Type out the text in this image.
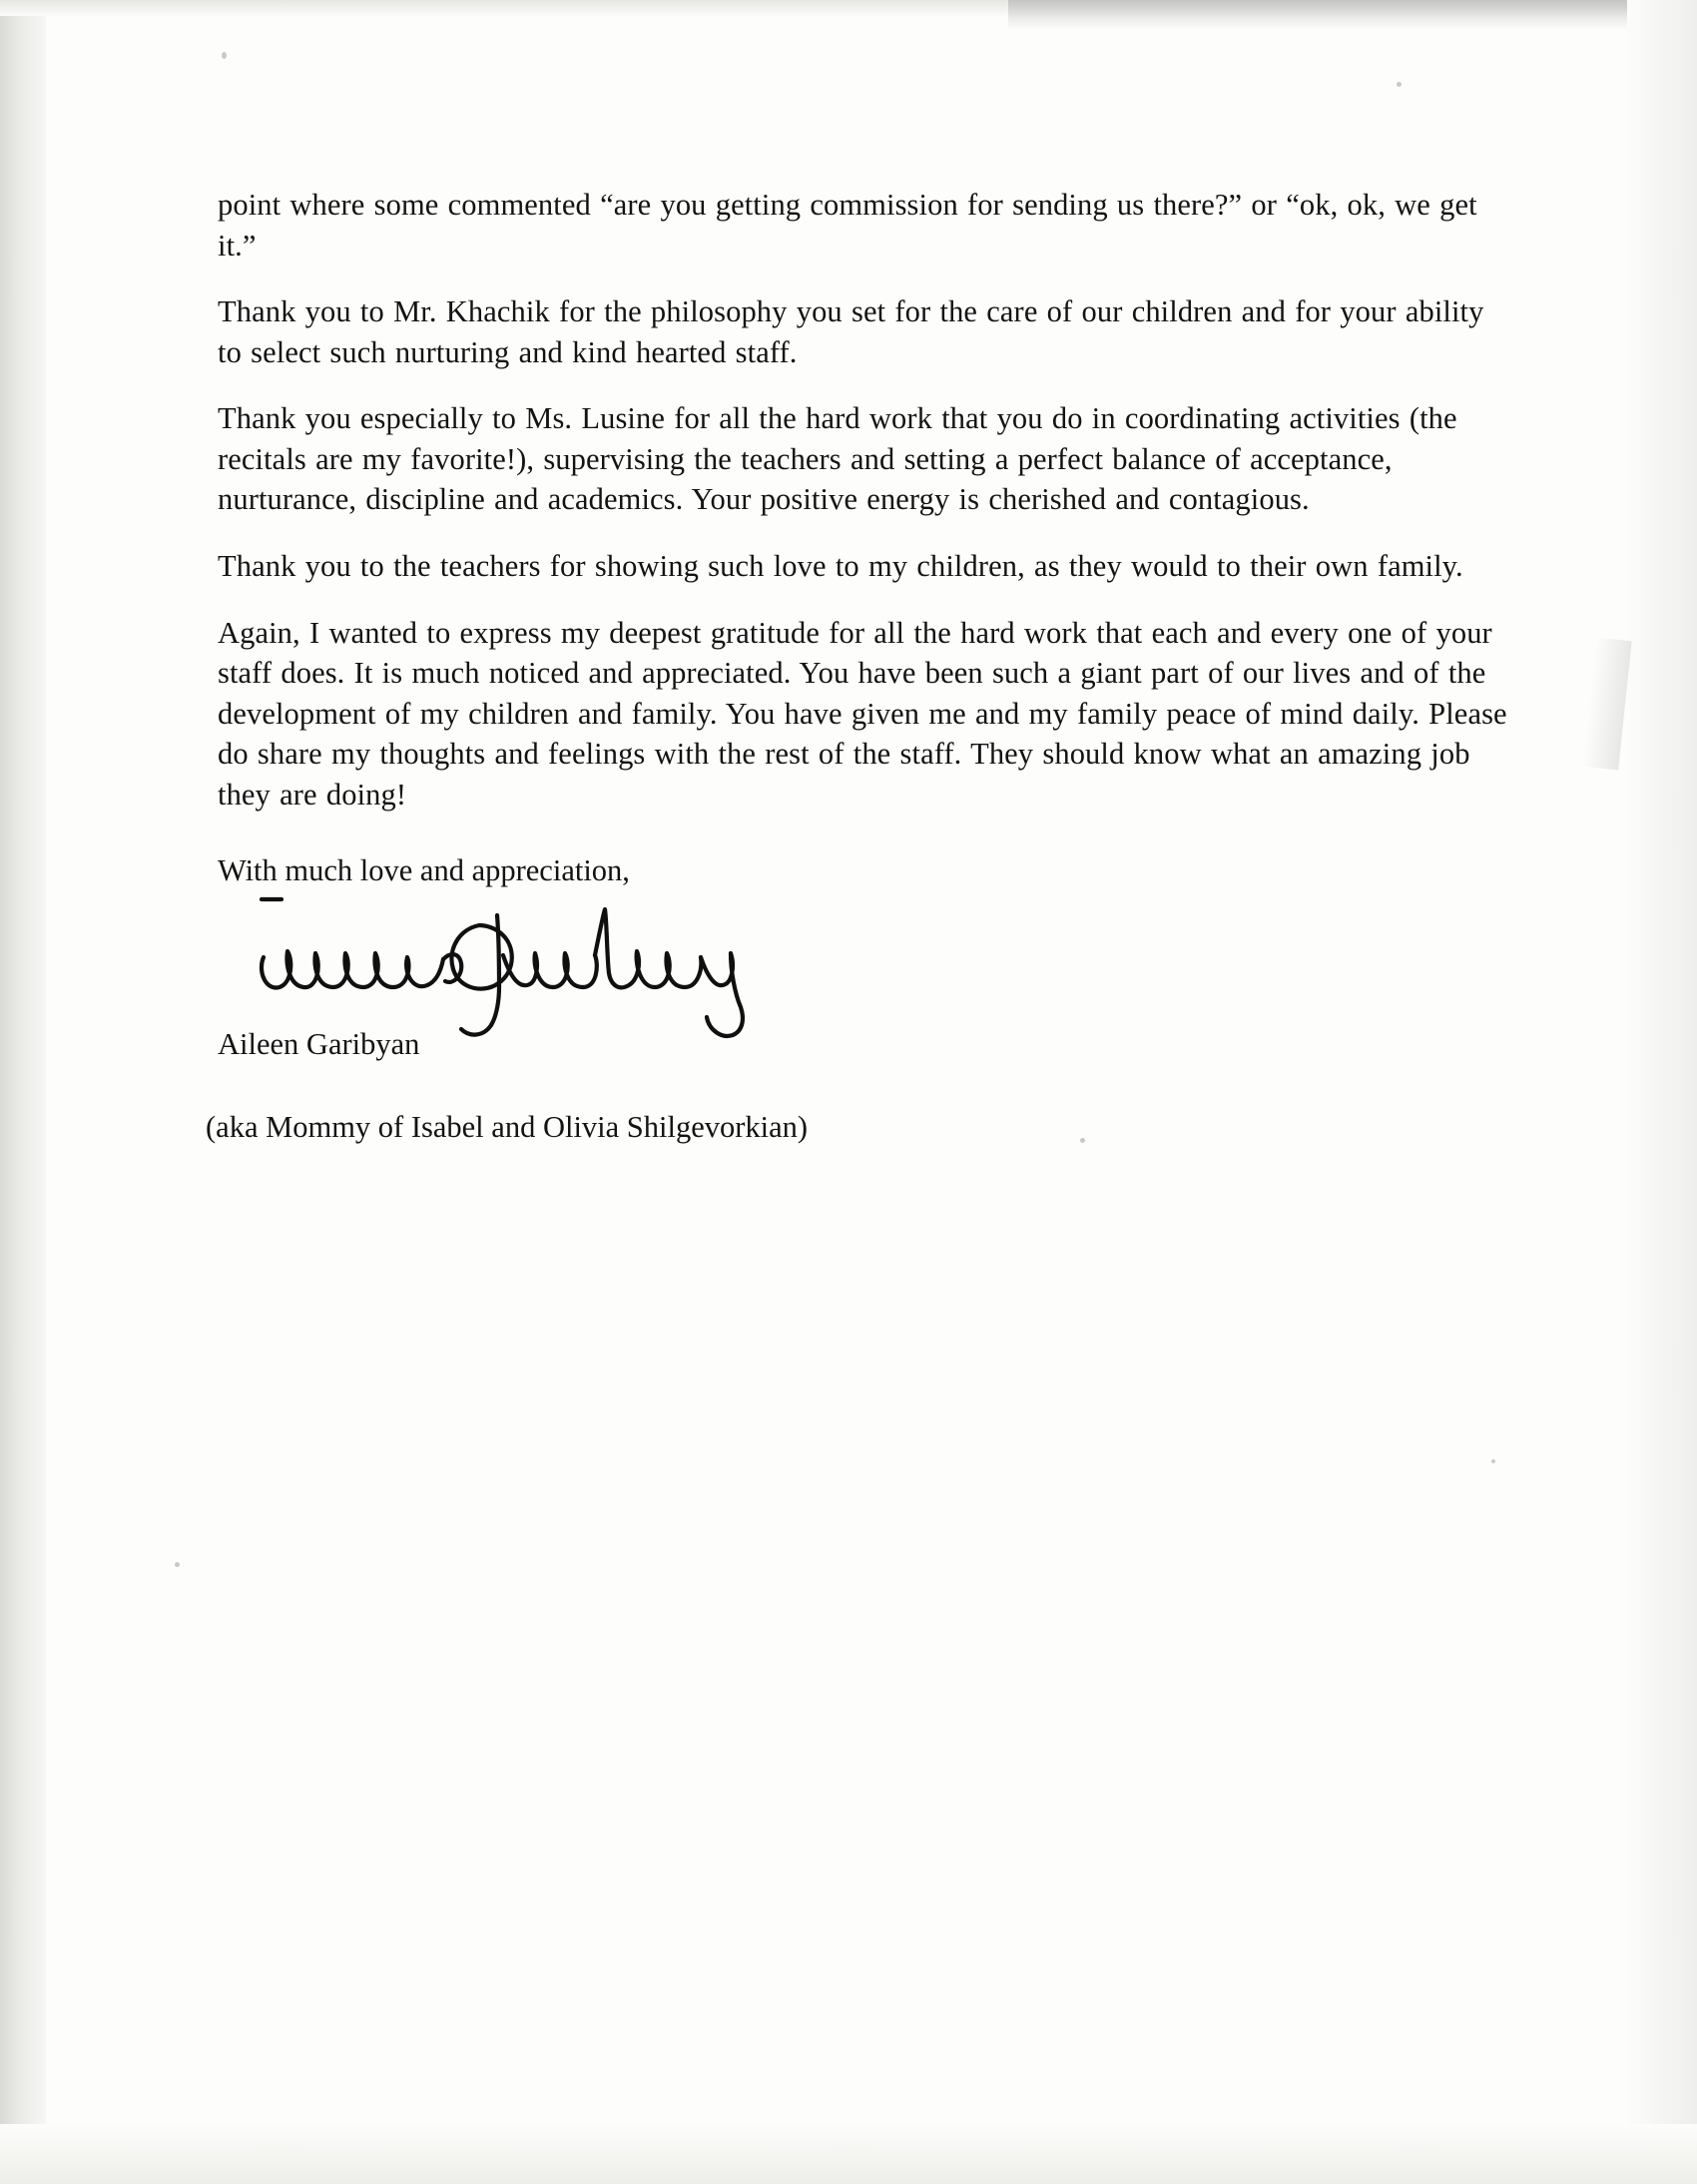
point where some commented “are you getting commission for sending us there?” or “ok, ok, we get it.”

Thank you to Mr. Khachik for the philosophy you set for the care of our children and for your ability to select such nurturing and kind hearted staff.

Thank you especially to Ms. Lusine for all the hard work that you do in coordinating activities (the recitals are my favorite!), supervising the teachers and setting a perfect balance of acceptance, nurturance, discipline and academics. Your positive energy is cherished and contagious.

Thank you to the teachers for showing such love to my children, as they would to their own family.

Again, I wanted to express my deepest gratitude for all the hard work that each and every one of your staff does. It is much noticed and appreciated. You have been such a giant part of our lives and of the development of my children and family. You have given me and my family peace of mind daily. Please do share my thoughts and feelings with the rest of the staff. They should know what an amazing job they are doing!

With much love and appreciation,

Aileen Garibyan

(aka Mommy of Isabel and Olivia Shilgevorkian)
